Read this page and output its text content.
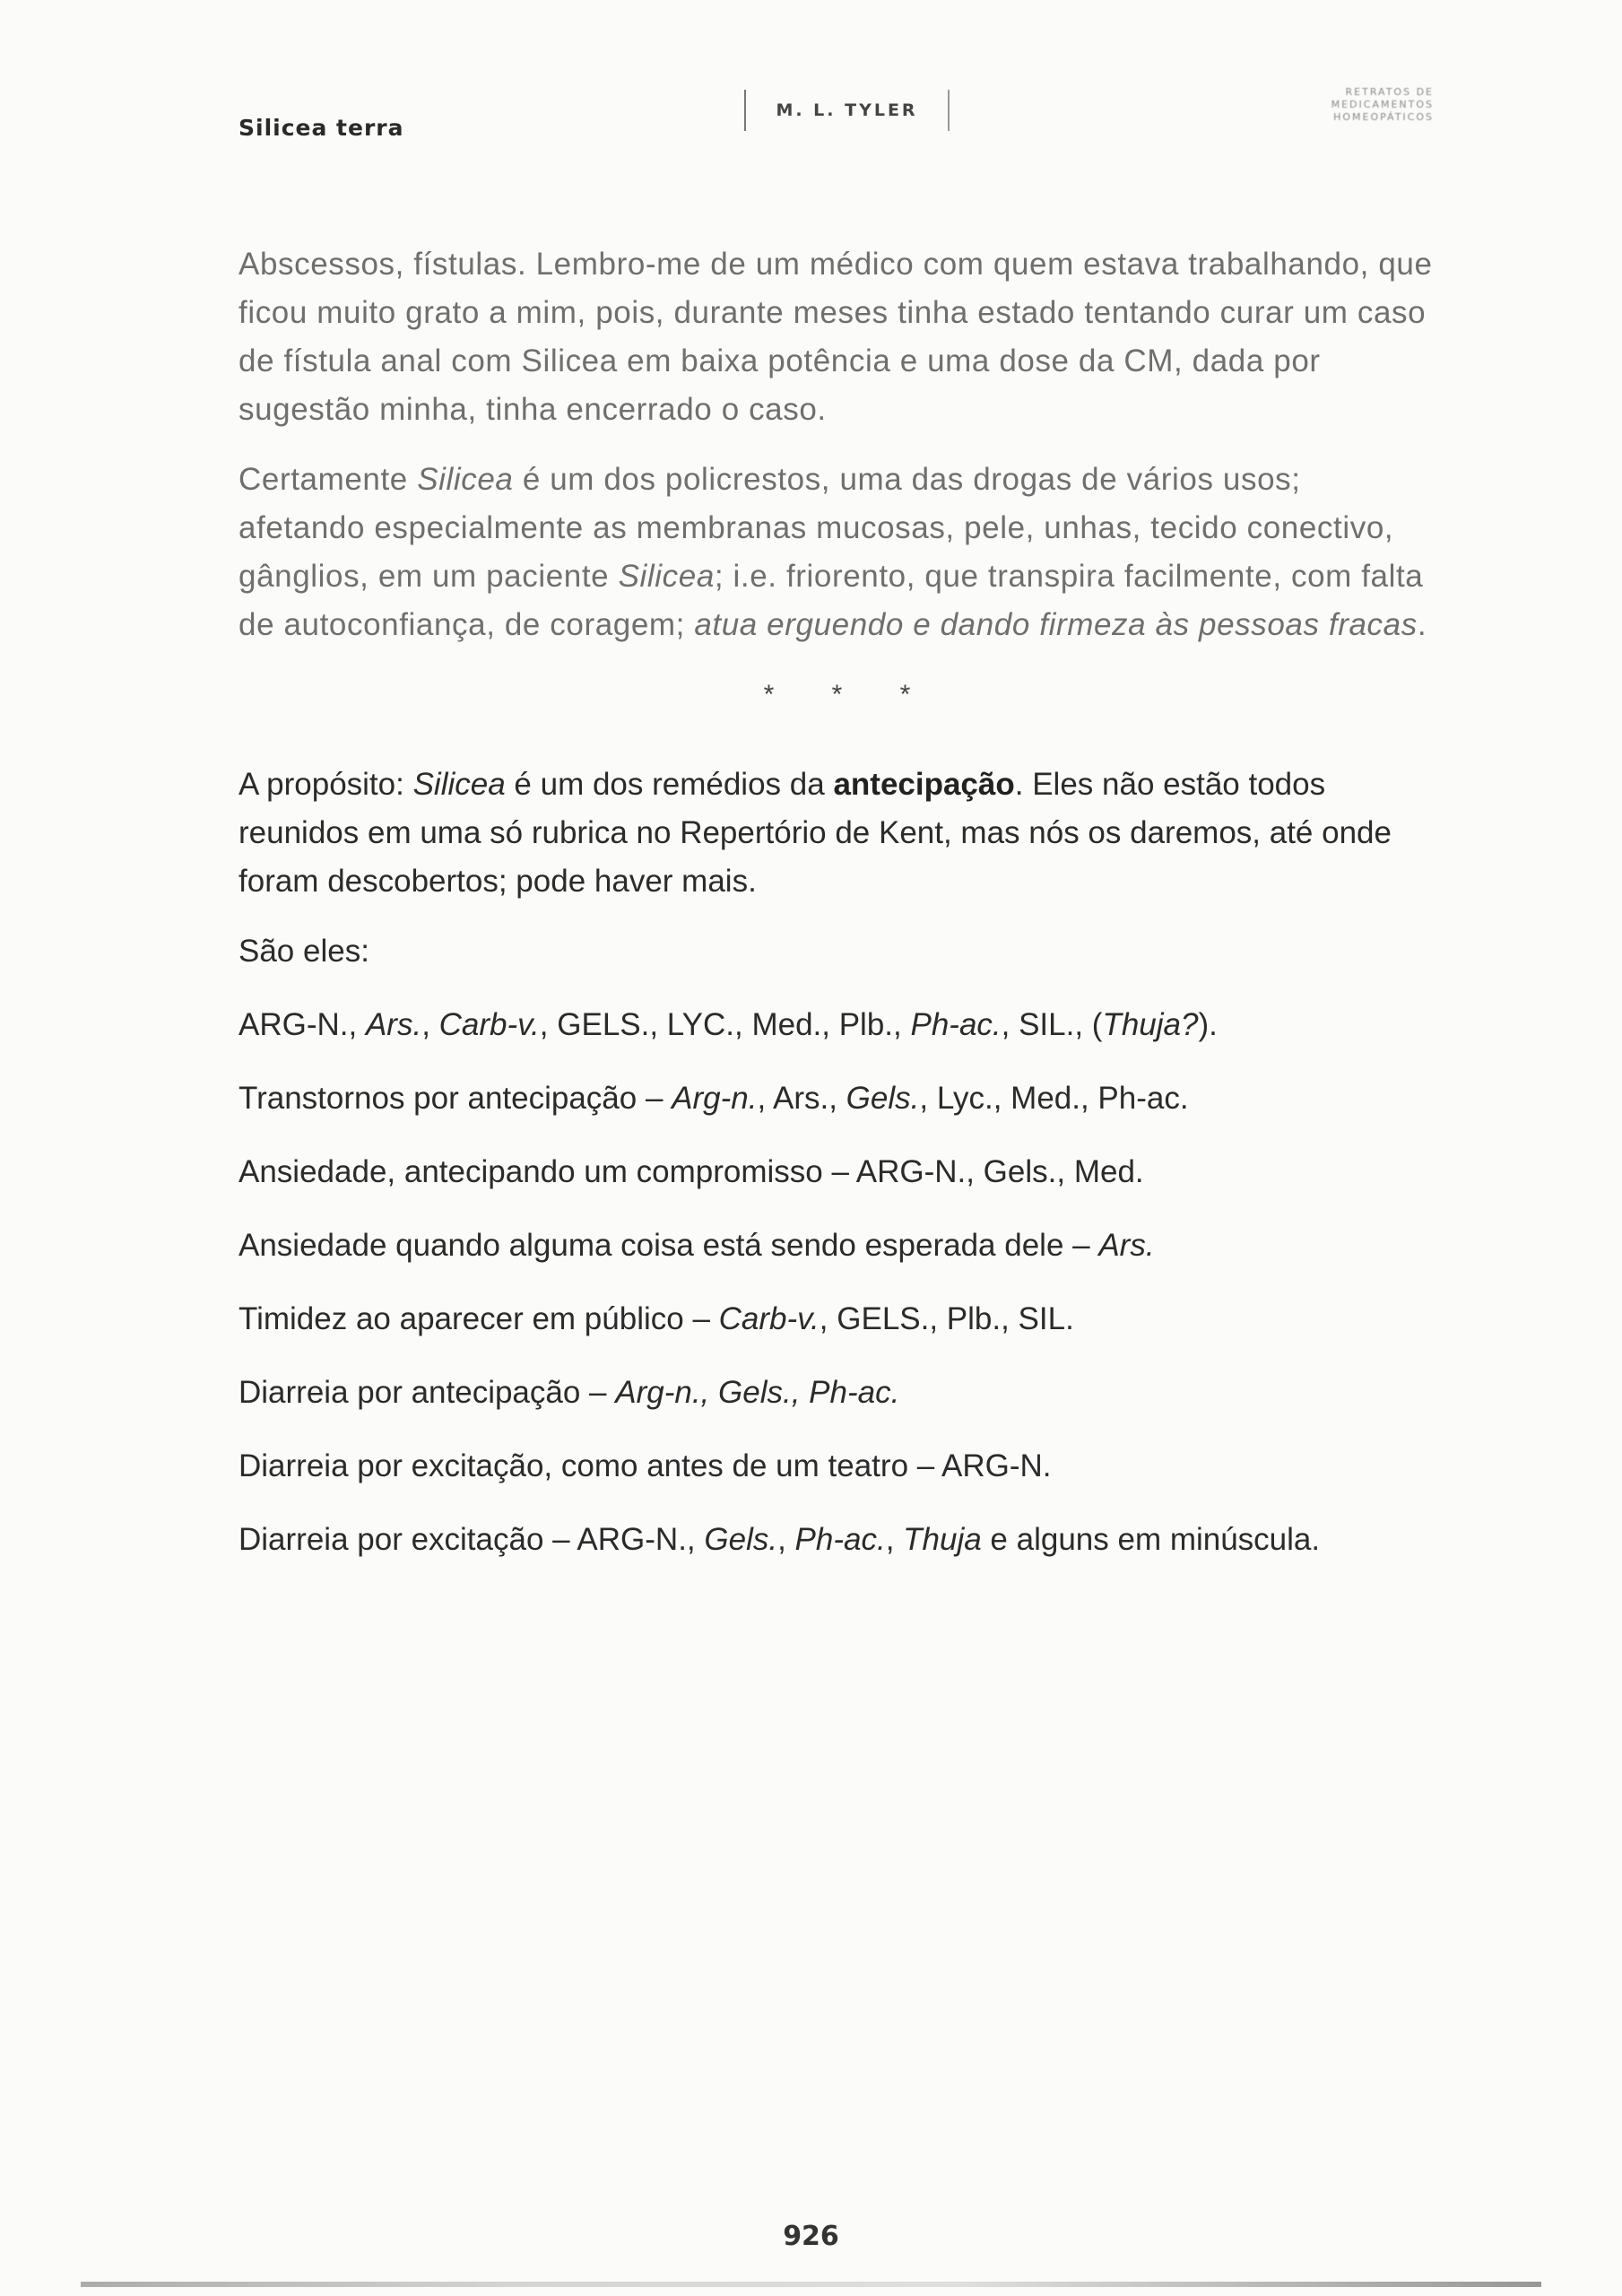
Silicea terra
M. L. TYLER
RETRATOS DE
MEDICAMENTOS
HOMEOPÁTICOS

Abscessos, fístulas. Lembro-me de um médico com quem estava trabalhando, que ficou muito grato a mim, pois, durante meses tinha estado tentando curar um caso de fístula anal com Silicea em baixa potência e uma dose da CM, dada por sugestão minha, tinha encerrado o caso.

Certamente Silicea é um dos policrestos, uma das drogas de vários usos; afetando especialmente as membranas mucosas, pele, unhas, tecido conectivo, gânglios, em um paciente Silicea; i.e. friorento, que transpira facilmente, com falta de autoconfiança, de coragem; atua erguendo e dando firmeza às pessoas fracas.

* * *

A propósito: Silicea é um dos remédios da antecipação. Eles não estão todos reunidos em uma só rubrica no Repertório de Kent, mas nós os daremos, até onde foram descobertos; pode haver mais.

São eles:

ARG-N., Ars., Carb-v., GELS., LYC., Med., Plb., Ph-ac., SIL., (Thuja?).

Transtornos por antecipação – Arg-n., Ars., Gels., Lyc., Med., Ph-ac.

Ansiedade, antecipando um compromisso – ARG-N., Gels., Med.

Ansiedade quando alguma coisa está sendo esperada dele – Ars.

Timidez ao aparecer em público – Carb-v., GELS., Plb., SIL.

Diarreia por antecipação – Arg-n., Gels., Ph-ac.

Diarreia por excitação, como antes de um teatro – ARG-N.

Diarreia por excitação – ARG-N., Gels., Ph-ac., Thuja e alguns em minúscula.

926
